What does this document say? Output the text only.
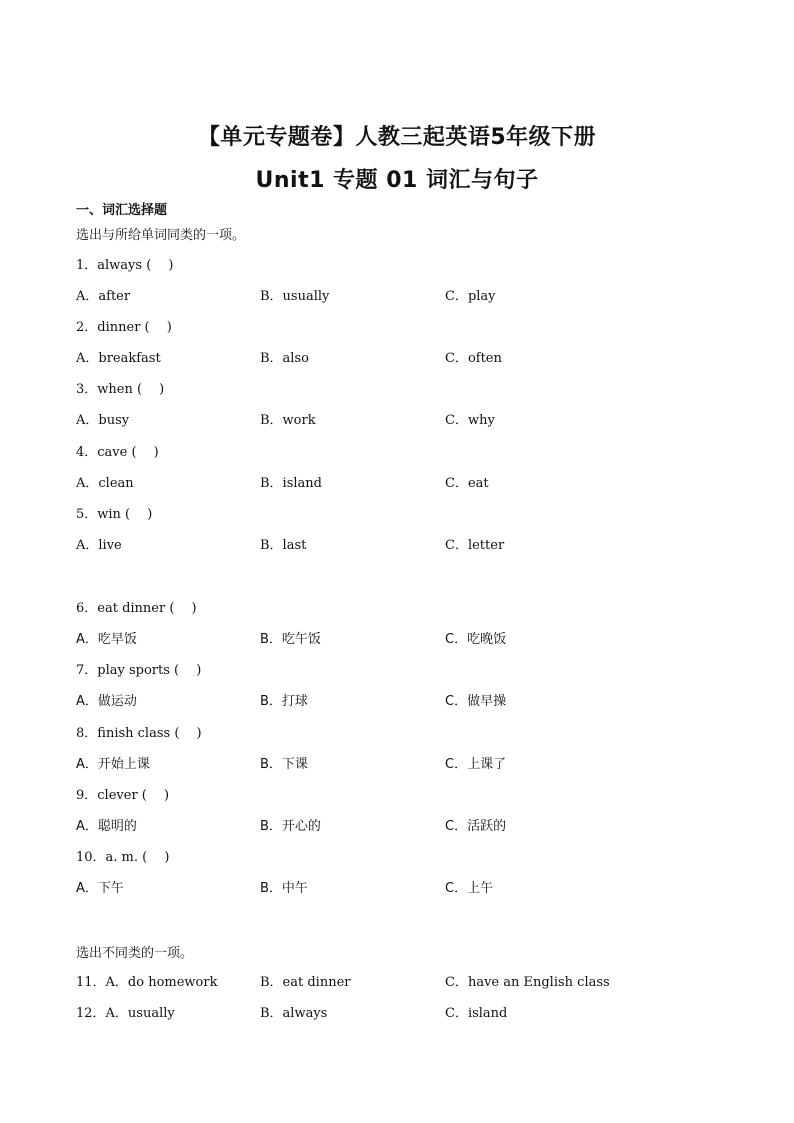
【单元专题卷】人教三起英语5年级下册
Unit1 专题 01 词汇与句子
一、词汇选择题
选出与所给单词同类的一项。
1．always (　 )
A．after	B．usually	C．play
2．dinner (　 )
A．breakfast	B．also	C．often
3．when (　 )
A．busy	B．work	C．why
4．cave (　 )
A．clean	B．island	C．eat
5．win (　 )
A．live	B．last	C．letter
6．eat dinner (　 )
A．吃早饭	B．吃午饭	C．吃晚饭
7．play sports (　 )
A．做运动	B．打球	C．做早操
8．finish class (　 )
A．开始上课	B．下课	C．上课了
9．clever (　 )
A．聪明的	B．开心的	C．活跃的
10．a. m. (　 )
A．下午	B．中午	C．上午
选出不同类的一项。
11．A．do homework	B．eat dinner	C．have an English class
12．A．usually	B．always	C．island
